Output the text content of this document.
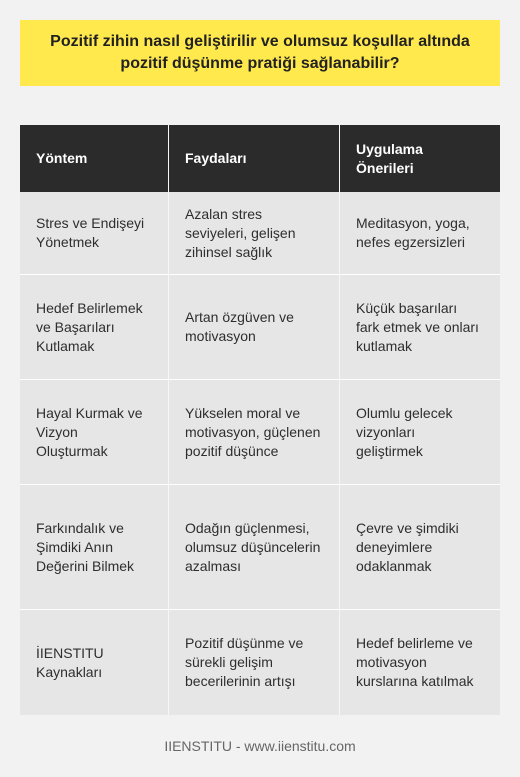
Pozitif zihin nasıl geliştirilir ve olumsuz koşullar altında pozitif düşünme pratiği sağlanabilir?
Yöntem	Faydaları	Uygulama Önerileri
Stres ve Endişeyi Yönetmek	Azalan stres seviyeleri, gelişen zihinsel sağlık	Meditasyon, yoga, nefes egzersizleri
Hedef Belirlemek ve Başarıları Kutlamak	Artan özgüven ve motivasyon	Küçük başarıları fark etmek ve onları kutlamak
Hayal Kurmak ve Vizyon Oluşturmak	Yükselen moral ve motivasyon, güçlenen pozitif düşünce	Olumlu gelecek vizyonları geliştirmek
Farkındalık ve Şimdiki Anın Değerini Bilmek	Odağın güçlenmesi, olumsuz düşüncelerin azalması	Çevre ve şimdiki deneyimlere odaklanmak
İIENSTITU Kaynakları	Pozitif düşünme ve sürekli gelişim becerilerinin artışı	Hedef belirleme ve motivasyon kurslarına katılmak
IIENSTITU - www.iienstitu.com
